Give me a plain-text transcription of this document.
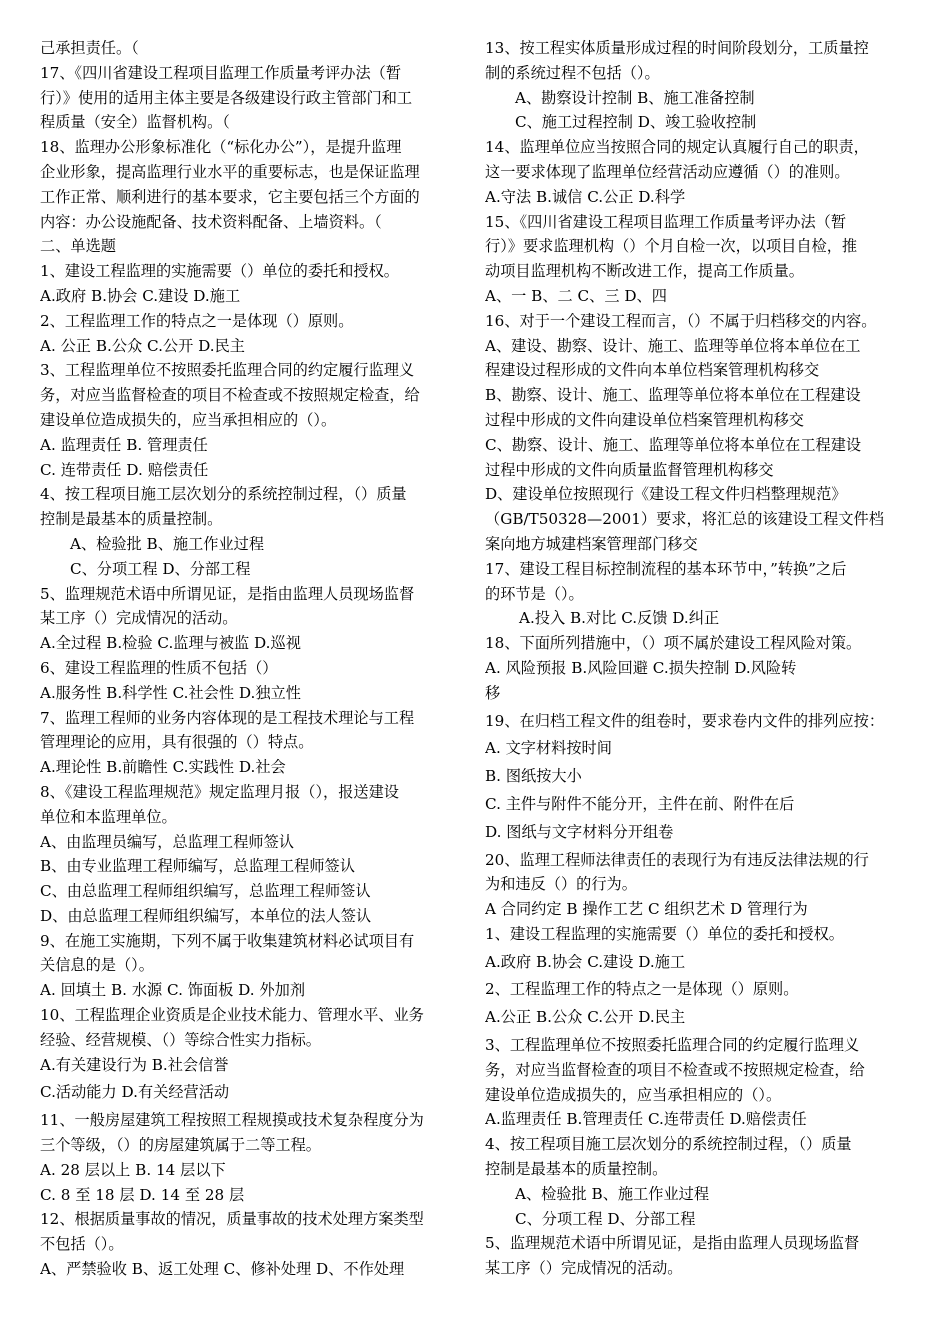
己承担责任。（
17、《四川省建设工程项目监理工作质量考评办法（暂
行）》使用的适用主体主要是各级建设行政主管部门和工
程质量（安全）监督机构。（
18、监理办公形象标准化（“标化办公”），是提升监理
企业形象，提高监理行业水平的重要标志，也是保证监理
工作正常、顺利进行的基本要求，它主要包括三个方面的
内容：办公设施配备、技术资料配备、上墙资料。（
二、单选题
1、建设工程监理的实施需要（）单位的委托和授权。
A.政府 B.协会 C.建设 D.施工
2、工程监理工作的特点之一是体现（）原则。
A. 公正 B.公众 C.公开 D.民主
3、工程监理单位不按照委托监理合同的约定履行监理义
务，对应当监督检查的项目不检查或不按照规定检查，给
建设单位造成损失的，应当承担相应的（）。
A. 监理责任 B. 管理责任
C. 连带责任 D. 赔偿责任
4、按工程项目施工层次划分的系统控制过程，（）质量
控制是最基本的质量控制。
A、检验批 B、施工作业过程
C、分项工程 D、分部工程
5、监理规范术语中所谓见证，是指由监理人员现场监督
某工序（）完成情况的活动。
A.全过程 B.检验 C.监理与被监 D.巡视
6、建设工程监理的性质不包括（）
A.服务性 B.科学性 C.社会性 D.独立性
7、监理工程师的业务内容体现的是工程技术理论与工程
管理理论的应用，具有很强的（）特点。
A.理论性 B.前瞻性 C.实践性 D.社会
8、《建设工程监理规范》规定监理月报（），报送建设
单位和本监理单位。
A、由监理员编写，总监理工程师签认
B、由专业监理工程师编写，总监理工程师签认
C、由总监理工程师组织编写，总监理工程师签认
D、由总监理工程师组织编写，本单位的法人签认
9、在施工实施期，下列不属于收集建筑材料必试项目有
关信息的是（）。
A. 回填土 B. 水源 C. 饰面板 D. 外加剂
10、工程监理企业资质是企业技术能力、管理水平、业务
经验、经营规模、（）等综合性实力指标。
A.有关建设行为 B.社会信誉
C.活动能力 D.有关经营活动
11、一般房屋建筑工程按照工程规摸或技术复杂程度分为
三个等级，（）的房屋建筑属于二等工程。
A. 28 层以上 B. 14 层以下
C. 8 至 18 层 D. 14 至 28 层
12、根据质量事故的情况，质量事故的技术处理方案类型
不包括（）。
A、严禁验收 B、返工处理 C、修补处理 D、不作处理
13、按工程实体质量形成过程的时间阶段划分，工质量控
制的系统过程不包括（）。
A、勘察设计控制 B、施工准备控制
C、施工过程控制 D、竣工验收控制
14、监理单位应当按照合同的规定认真履行自己的职责，
这一要求体现了监理单位经营活动应遵循（）的准则。
A.守法 B.诚信 C.公正 D.科学
15、《四川省建设工程项目监理工作质量考评办法（暂
行）》要求监理机构（）个月自检一次，以项目自检，推
动项目监理机构不断改进工作，提高工作质量。
A、一 B、二 C、三 D、四
16、对于一个建设工程而言，（）不属于归档移交的内容。
A、建设、勘察、设计、施工、监理等单位将本单位在工
程建设过程形成的文件向本单位档案管理机构移交
B、勘察、设计、施工、监理等单位将本单位在工程建设
过程中形成的文件向建设单位档案管理机构移交
C、勘察、设计、施工、监理等单位将本单位在工程建设
过程中形成的文件向质量监督管理机构移交
D、建设单位按照现行《建设工程文件归档整理规范》
（GB/T50328—2001）要求，将汇总的该建设工程文件档
案向地方城建档案管理部门移交
17、建设工程目标控制流程的基本环节中，”转换”之后
的环节是（）。
A.投入 B.对比 C.反馈 D.纠正
18、下面所列措施中，（）项不属於建设工程风险对策。
A. 风险预报 B.风险回避 C.损失控制 D.风险转
移
19、在归档工程文件的组卷时，要求卷内文件的排列应按：
A. 文字材料按时间
B. 图纸按大小
C. 主件与附件不能分开，主件在前、附件在后
D. 图纸与文字材料分开组卷
20、监理工程师法律责任的表现行为有违反法律法规的行
为和违反（）的行为。
A 合同约定 B 操作工艺 C 组织艺术 D 管理行为
1、建设工程监理的实施需要（）单位的委托和授权。
A.政府 B.协会 C.建设 D.施工
2、工程监理工作的特点之一是体现（）原则。
A.公正 B.公众 C.公开 D.民主
3、工程监理单位不按照委托监理合同的约定履行监理义
务，对应当监督检查的项目不检查或不按照规定检查，给
建设单位造成损失的，应当承担相应的（）。
A.监理责任 B.管理责任 C.连带责任 D.赔偿责任
4、按工程项目施工层次划分的系统控制过程，（）质量
控制是最基本的质量控制。
A、检验批 B、施工作业过程
C、分项工程 D、分部工程
5、监理规范术语中所谓见证，是指由监理人员现场监督
某工序（）完成情况的活动。
